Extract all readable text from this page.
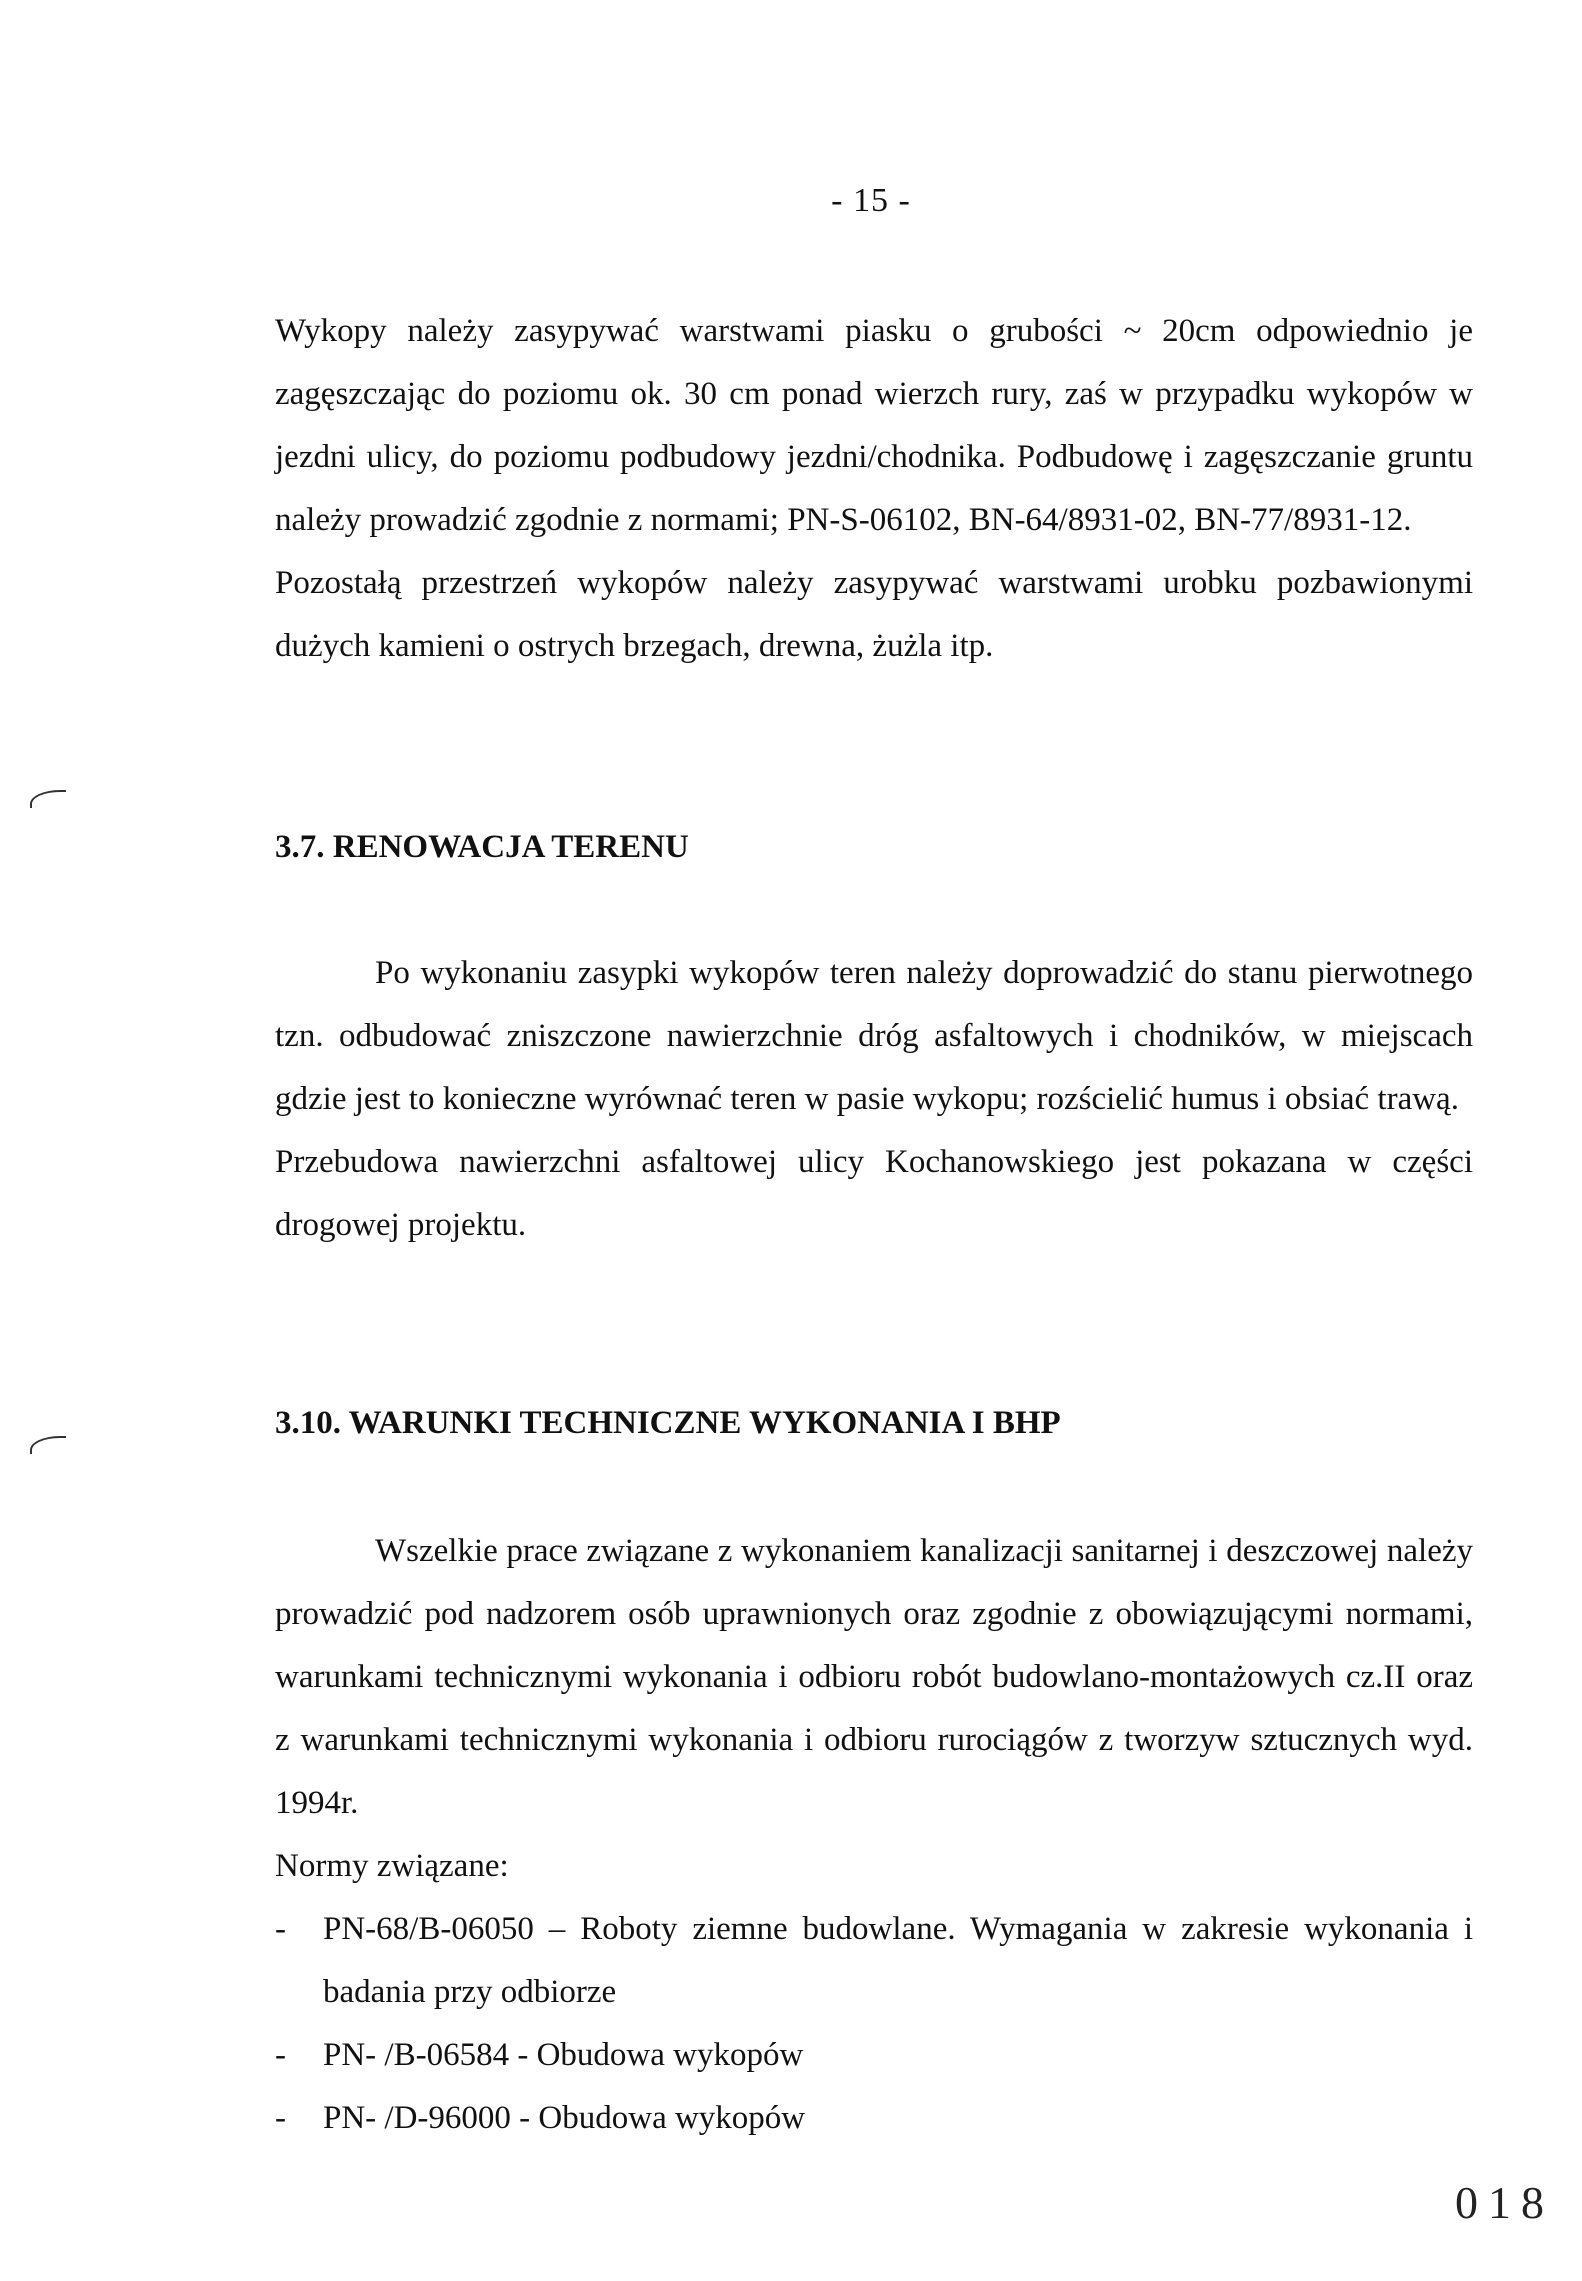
- 15 -

Wykopy należy zasypywać warstwami piasku o grubości ~ 20cm odpowiednio je zagęszczając do poziomu ok. 30 cm ponad wierzch rury, zaś w przypadku wykopów w jezdni ulicy, do poziomu podbudowy jezdni/chodnika. Podbudowę i zagęszczanie gruntu należy prowadzić zgodnie z normami; PN-S-06102, BN-64/8931-02, BN-77/8931-12.

Pozostałą przestrzeń wykopów należy zasypywać warstwami urobku pozbawionymi dużych kamieni o ostrych brzegach, drewna, żużla itp.

3.7. RENOWACJA TERENU

Po wykonaniu zasypki wykopów teren należy doprowadzić do stanu pierwotnego tzn. odbudować zniszczone nawierzchnie dróg asfaltowych i chodników, w miejscach gdzie jest to konieczne wyrównać teren w pasie wykopu; rozścielić humus i obsiać trawą.

Przebudowa nawierzchni asfaltowej ulicy Kochanowskiego jest pokazana w części drogowej projektu.

3.10. WARUNKI TECHNICZNE WYKONANIA I BHP

Wszelkie prace związane z wykonaniem kanalizacji sanitarnej i deszczowej należy prowadzić pod nadzorem osób uprawnionych oraz zgodnie z obowiązującymi normami, warunkami technicznymi wykonania i odbioru robót budowlano-montażowych cz.II oraz z warunkami technicznymi wykonania i odbioru rurociągów z tworzyw sztucznych wyd. 1994r.

Normy związane:

- PN-68/B-06050 – Roboty ziemne budowlane. Wymagania w zakresie wykonania i badania przy odbiorze
- PN- /B-06584 - Obudowa wykopów
- PN- /D-96000 - Obudowa wykopów
018
